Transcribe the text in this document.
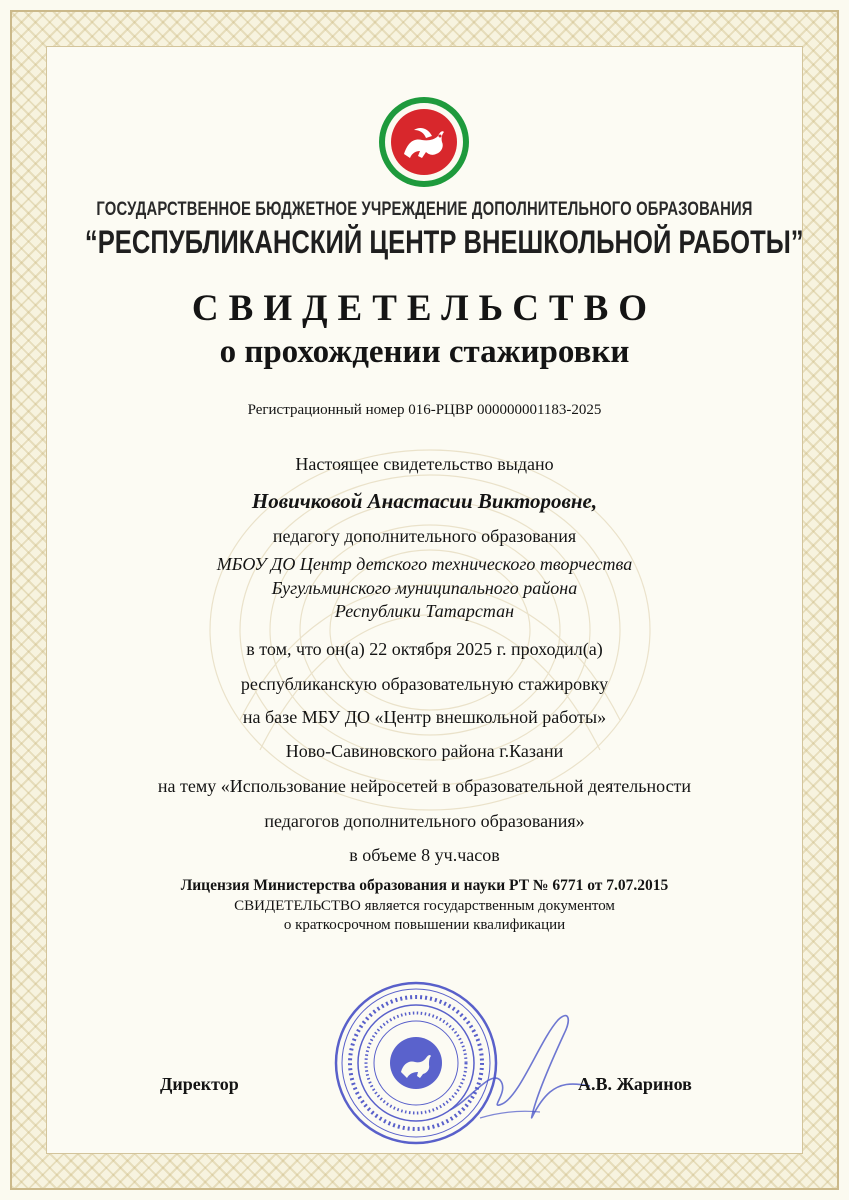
ГОСУДАРСТВЕННОЕ БЮДЖЕТНОЕ УЧРЕЖДЕНИЕ ДОПОЛНИТЕЛЬНОГО ОБРАЗОВАНИЯ
“РЕСПУБЛИКАНСКИЙ ЦЕНТР ВНЕШКОЛЬНОЙ РАБОТЫ”
СВИДЕТЕЛЬСТВО
о прохождении стажировки
Регистрационный номер 016-РЦВР 000000001183-2025
Настоящее свидетельство выдано
Новичковой Анастасии Викторовне,
педагогу дополнительного образования
МБОУ ДО Центр детского технического творчества
Бугульминского муниципального района
Республики Татарстан
в том, что он(а) 22 октября 2025 г. проходил(а)
республиканскую образовательную стажировку
на базе МБУ ДО «Центр внешкольной работы»
Ново-Савиновского района г.Казани
на тему «Использование нейросетей в образовательной деятельности
педагогов дополнительного образования»
в объеме 8 уч.часов
Лицензия Министерства образования и науки РТ № 6771 от 7.07.2015
СВИДЕТЕЛЬСТВО является государственным документом
о краткосрочном повышении квалификации
Директор	А.В. Жаринов
